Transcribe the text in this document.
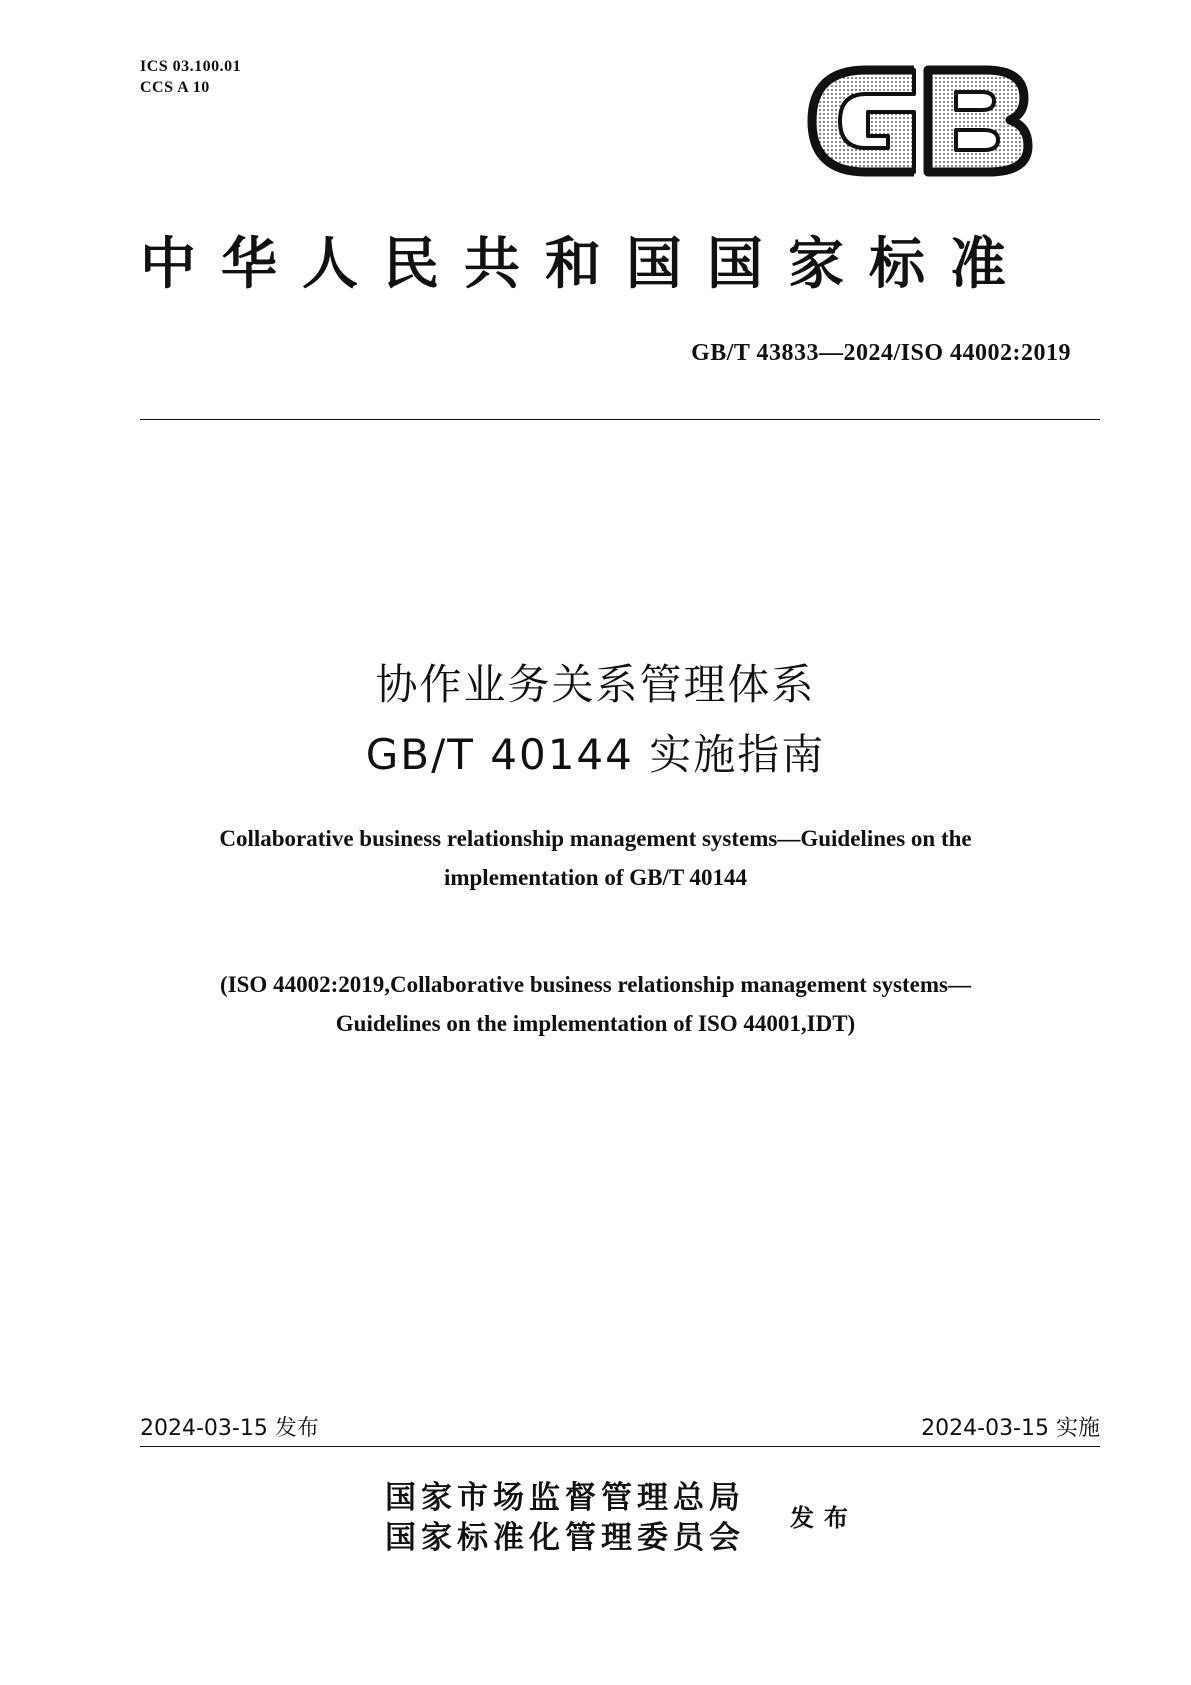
ICS 03.100.01
CCS A 10
中华人民共和国国家标准
GB/T 43833—2024/ISO 44002:2019
协作业务关系管理体系
GB/T 40144 实施指南
Collaborative business relationship management systems—Guidelines on the
implementation of GB/T 40144
(ISO 44002:2019,Collaborative business relationship management systems—
Guidelines on the implementation of ISO 44001,IDT)
2024-03-15 发布	2024-03-15 实施
国家市场监督管理总局
国家标准化管理委员会
发布
